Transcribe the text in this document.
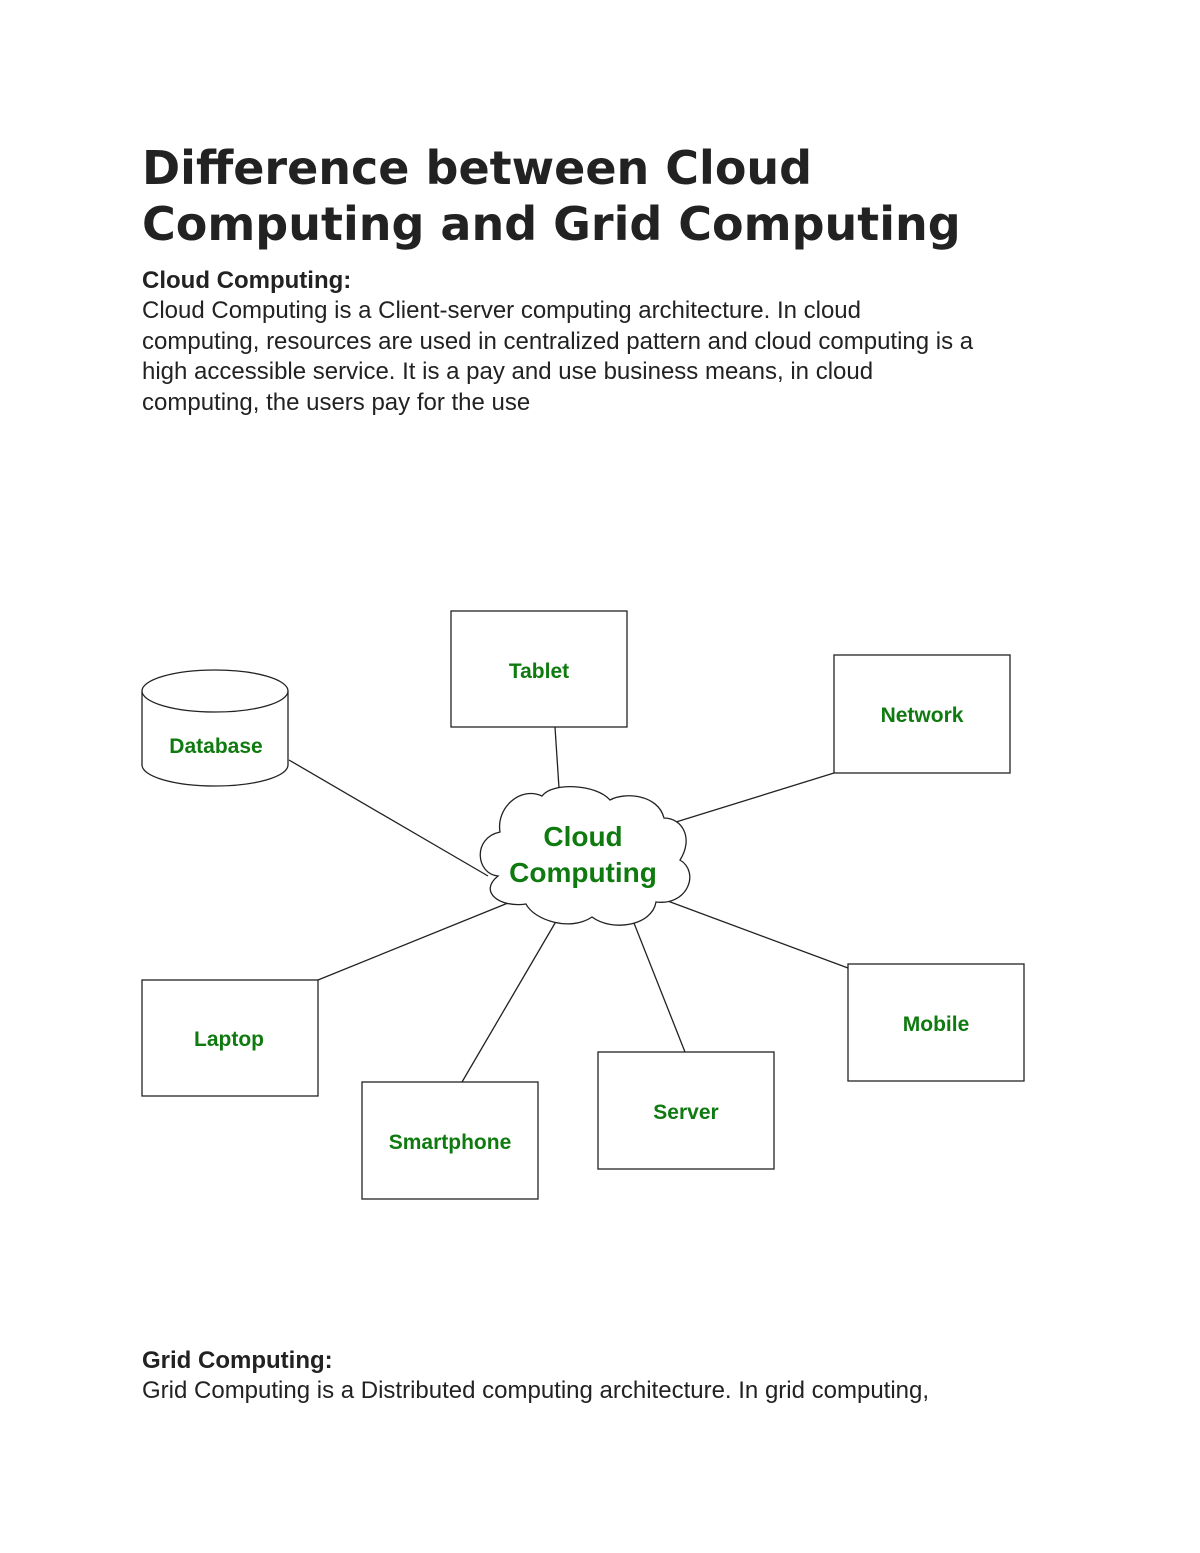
Difference between Cloud
Computing and Grid Computing

Cloud Computing:

Cloud Computing is a Client-server computing architecture. In cloud
computing, resources are used in centralized pattern and cloud computing is a
high accessible service. It is a pay and use business means, in cloud
computing, the users pay for the use

Cloud
Computing
Database
Tablet
Network
Laptop
Smartphone
Server
Mobile

Grid Computing:

Grid Computing is a Distributed computing architecture. In grid computing,
